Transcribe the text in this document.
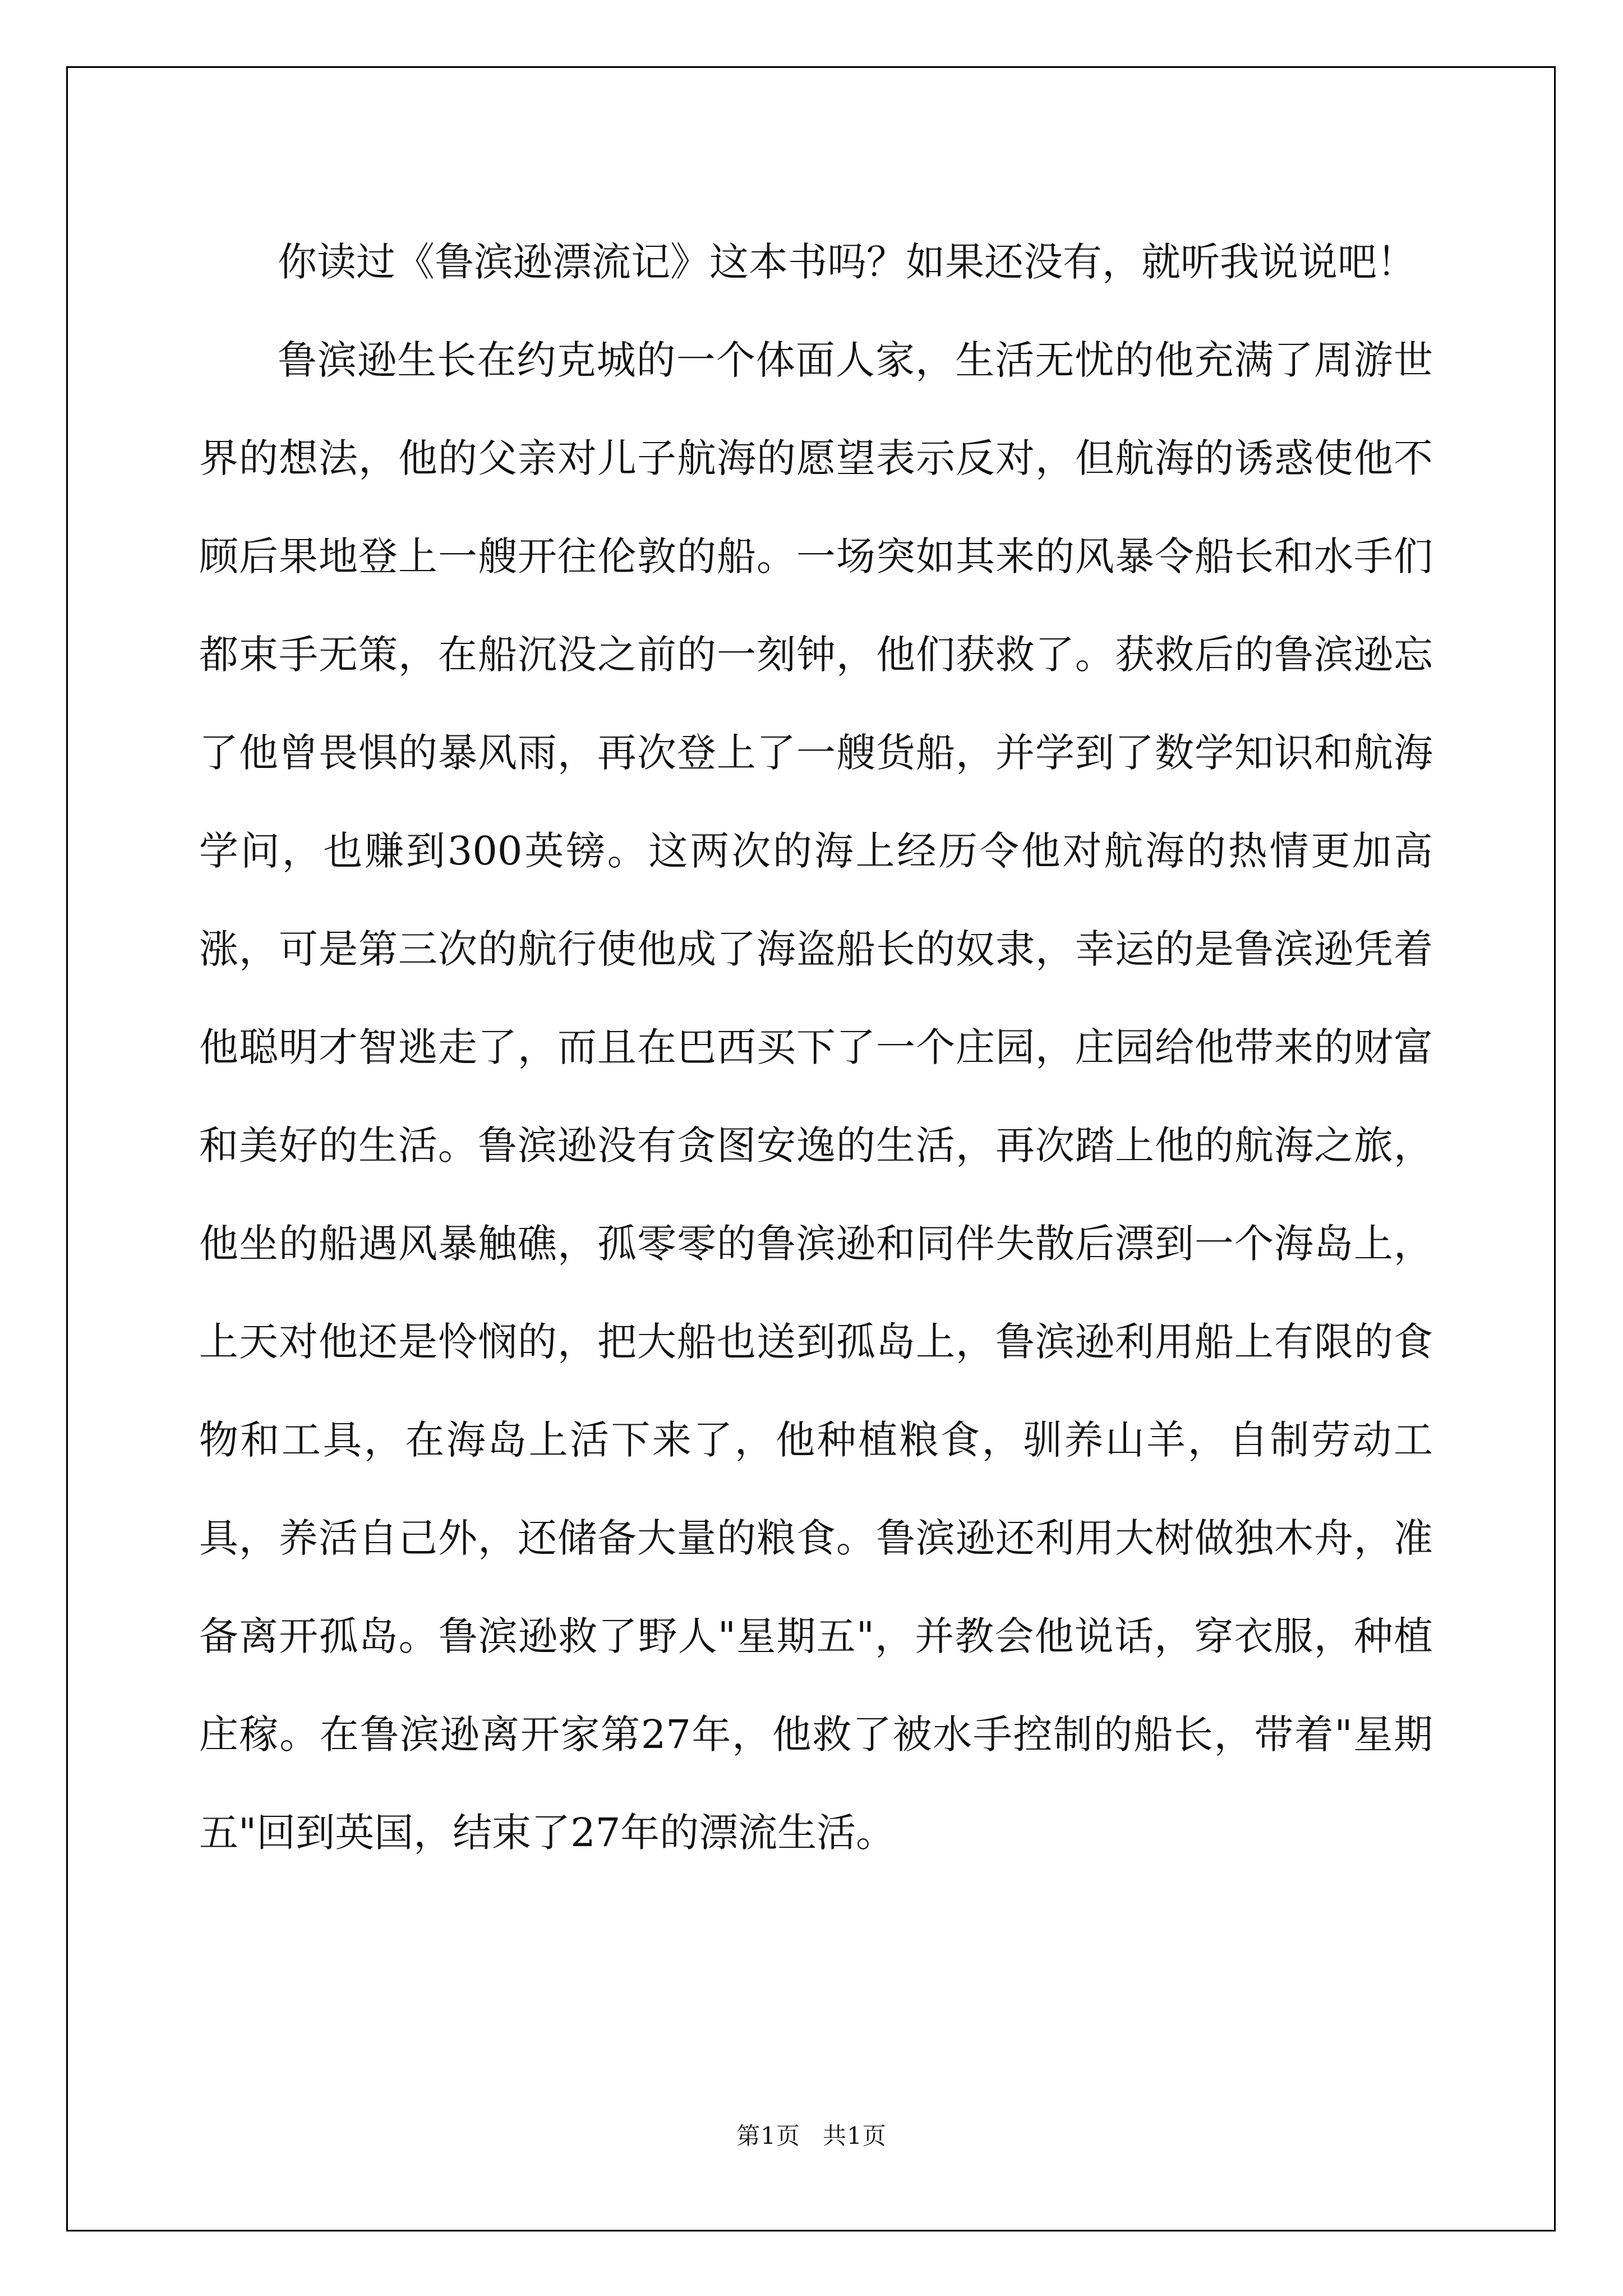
你读过《鲁滨逊漂流记》这本书吗？如果还没有，就听我说说吧！

鲁滨逊生长在约克城的一个体面人家，生活无忧的他充满了周游世界的想法，他的父亲对儿子航海的愿望表示反对，但航海的诱惑使他不顾后果地登上一艘开往伦敦的船。一场突如其来的风暴令船长和水手们都束手无策，在船沉没之前的一刻钟，他们获救了。获救后的鲁滨逊忘了他曾畏惧的暴风雨，再次登上了一艘货船，并学到了数学知识和航海学问，也赚到300英镑。这两次的海上经历令他对航海的热情更加高涨，可是第三次的航行使他成了海盗船长的奴隶，幸运的是鲁滨逊凭着他聪明才智逃走了，而且在巴西买下了一个庄园，庄园给他带来的财富和美好的生活。鲁滨逊没有贪图安逸的生活，再次踏上他的航海之旅，他坐的船遇风暴触礁，孤零零的鲁滨逊和同伴失散后漂到一个海岛上，上天对他还是怜悯的，把大船也送到孤岛上，鲁滨逊利用船上有限的食物和工具，在海岛上活下来了，他种植粮食，驯养山羊，自制劳动工具，养活自己外，还储备大量的粮食。鲁滨逊还利用大树做独木舟，准备离开孤岛。鲁滨逊救了野人"星期五"，并教会他说话，穿衣服，种植庄稼。在鲁滨逊离开家第27年，他救了被水手控制的船长，带着"星期五"回到英国，结束了27年的漂流生活。

第1页 共1页
